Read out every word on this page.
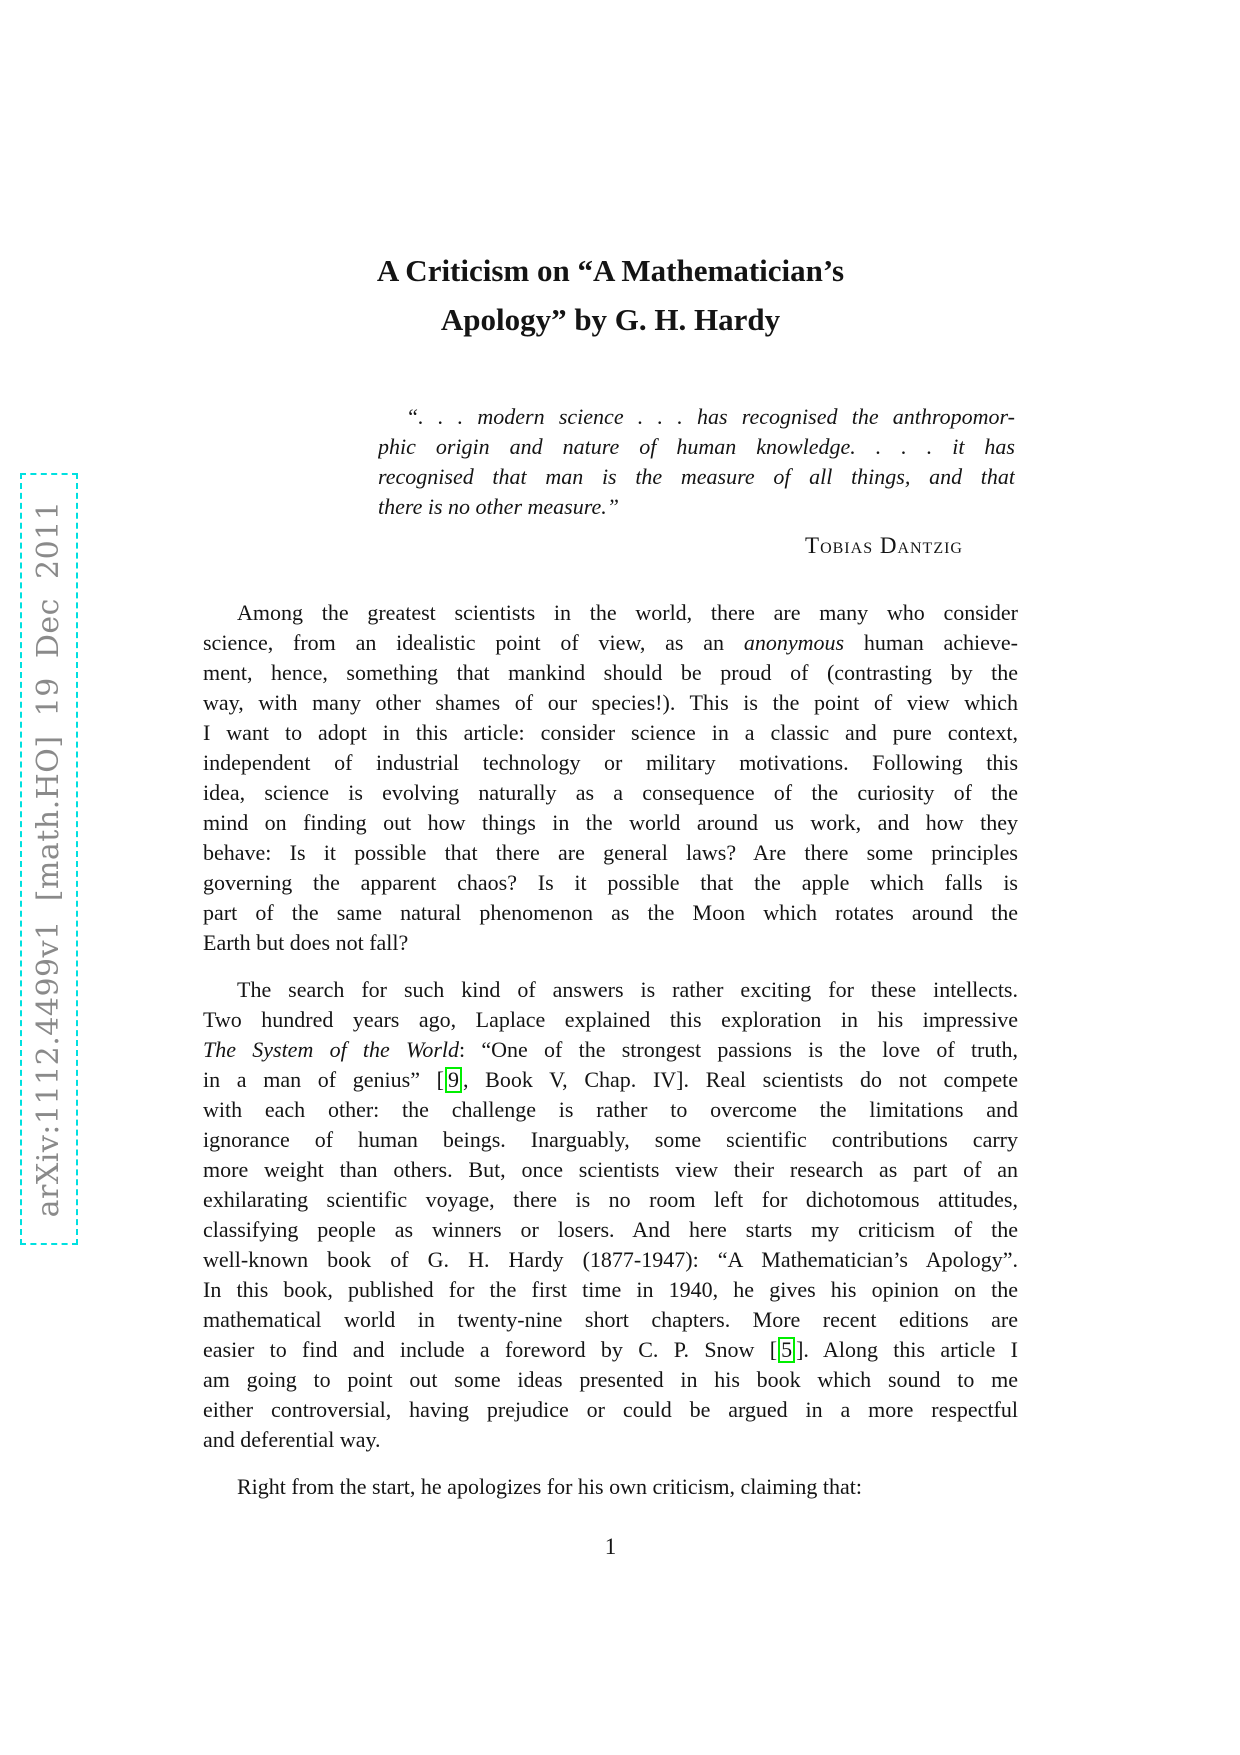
arXiv:1112.4499v1 [math.HO] 19 Dec 2011
A Criticism on “A Mathematician’s
Apology” by G. H. Hardy
“. . . modern science . . . has recognised the anthropomor-
phic origin and nature of human knowledge. . . . it has
recognised that man is the measure of all things, and that
there is no other measure.”
Tobias Dantzig
Among the greatest scientists in the world, there are many who consider
science, from an idealistic point of view, as an anonymous human achieve-
ment, hence, something that mankind should be proud of (contrasting by the
way, with many other shames of our species!). This is the point of view which
I want to adopt in this article: consider science in a classic and pure context,
independent of industrial technology or military motivations. Following this
idea, science is evolving naturally as a consequence of the curiosity of the
mind on finding out how things in the world around us work, and how they
behave: Is it possible that there are general laws? Are there some principles
governing the apparent chaos? Is it possible that the apple which falls is
part of the same natural phenomenon as the Moon which rotates around the
Earth but does not fall?
The search for such kind of answers is rather exciting for these intellects.
Two hundred years ago, Laplace explained this exploration in his impressive
The System of the World: “One of the strongest passions is the love of truth,
in a man of genius” [ 9 , Book V, Chap. IV]. Real scientists do not compete
with each other: the challenge is rather to overcome the limitations and
ignorance of human beings. Inarguably, some scientific contributions carry
more weight than others. But, once scientists view their research as part of an
exhilarating scientific voyage, there is no room left for dichotomous attitudes,
classifying people as winners or losers. And here starts my criticism of the
well-known book of G. H. Hardy (1877-1947): “A Mathematician’s Apology”.
In this book, published for the first time in 1940, he gives his opinion on the
mathematical world in twenty-nine short chapters. More recent editions are
easier to find and include a foreword by C. P. Snow [ 5 ]. Along this article I
am going to point out some ideas presented in his book which sound to me
either controversial, having prejudice or could be argued in a more respectful
and deferential way.
Right from the start, he apologizes for his own criticism, claiming that:
1
